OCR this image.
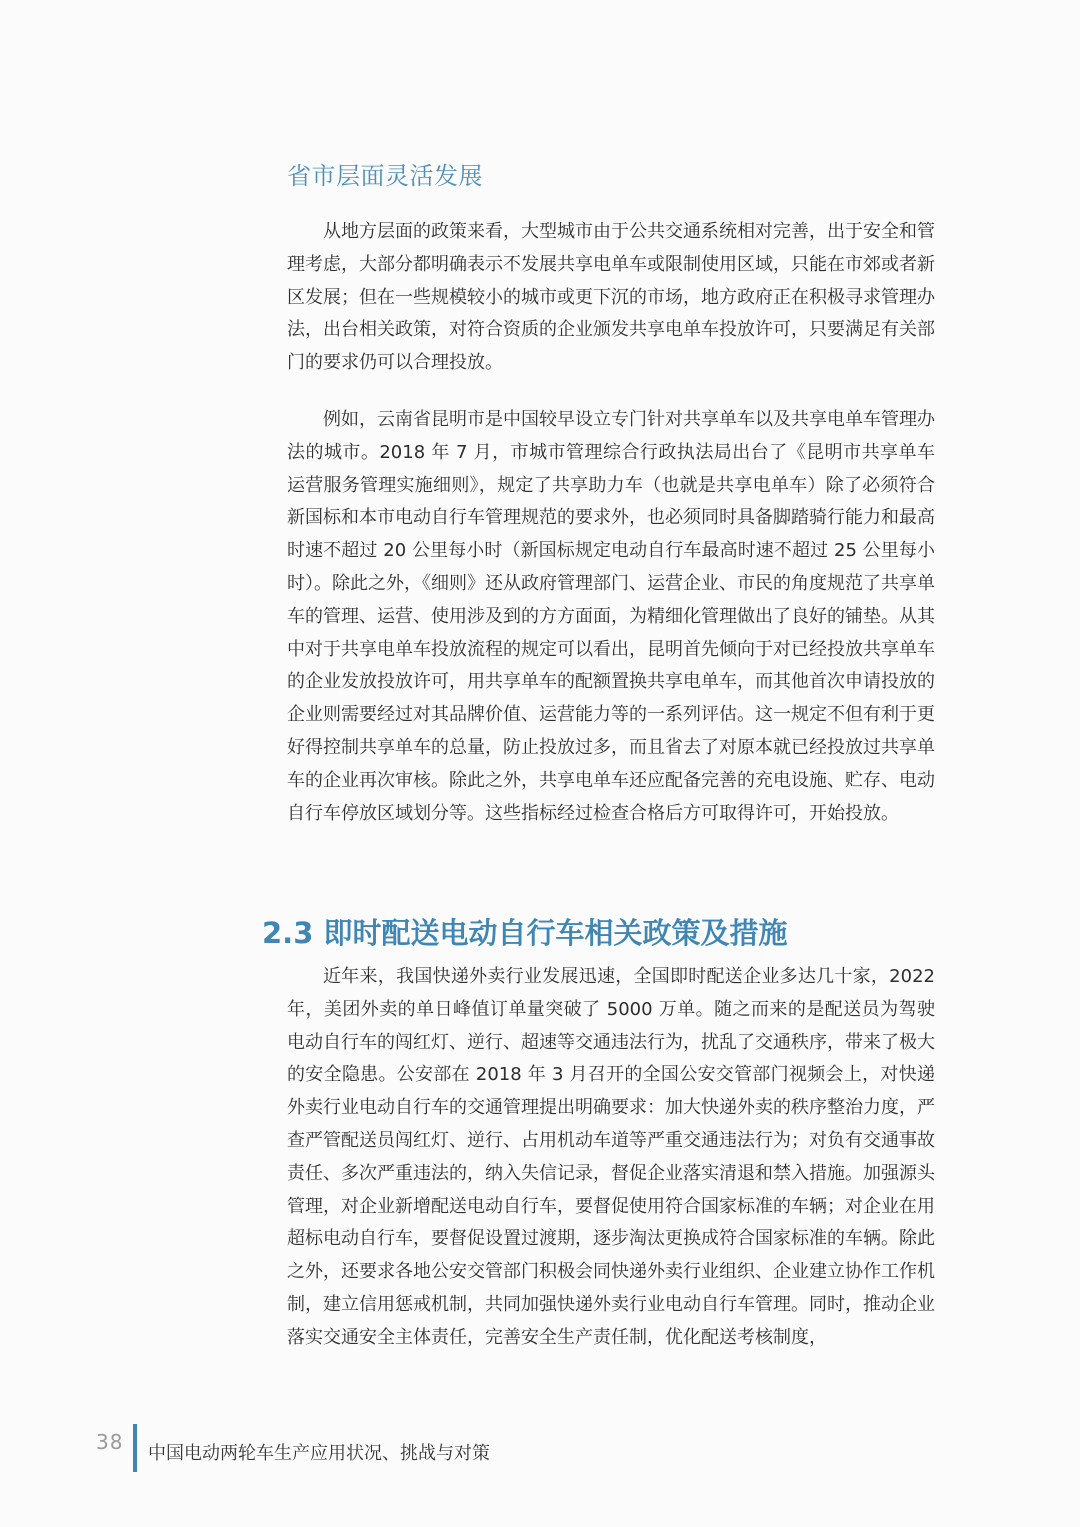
省市层面灵活发展

从地方层面的政策来看，大型城市由于公共交通系统相对完善，出于安全和管理考虑，大部分都明确表示不发展共享电单车或限制使用区域，只能在市郊或者新区发展；但在一些规模较小的城市或更下沉的市场，地方政府正在积极寻求管理办法，出台相关政策，对符合资质的企业颁发共享电单车投放许可，只要满足有关部门的要求仍可以合理投放。

例如，云南省昆明市是中国较早设立专门针对共享单车以及共享电单车管理办法的城市。2018 年 7 月，市城市管理综合行政执法局出台了《昆明市共享单车运营服务管理实施细则》，规定了共享助力车（也就是共享电单车）除了必须符合新国标和本市电动自行车管理规范的要求外，也必须同时具备脚踏骑行能力和最高时速不超过 20 公里每小时（新国标规定电动自行车最高时速不超过 25 公里每小时）。除此之外，《细则》还从政府管理部门、运营企业、市民的角度规范了共享单车的管理、运营、使用涉及到的方方面面，为精细化管理做出了良好的铺垫。从其中对于共享电单车投放流程的规定可以看出，昆明首先倾向于对已经投放共享单车的企业发放投放许可，用共享单车的配额置换共享电单车，而其他首次申请投放的企业则需要经过对其品牌价值、运营能力等的一系列评估。这一规定不但有利于更好得控制共享单车的总量，防止投放过多，而且省去了对原本就已经投放过共享单车的企业再次审核。除此之外，共享电单车还应配备完善的充电设施、贮存、电动自行车停放区域划分等。这些指标经过检查合格后方可取得许可，开始投放。

2.3 即时配送电动自行车相关政策及措施

近年来，我国快递外卖行业发展迅速，全国即时配送企业多达几十家，2022 年，美团外卖的单日峰值订单量突破了 5000 万单。随之而来的是配送员为驾驶电动自行车的闯红灯、逆行、超速等交通违法行为，扰乱了交通秩序，带来了极大的安全隐患。公安部在 2018 年 3 月召开的全国公安交管部门视频会上，对快递外卖行业电动自行车的交通管理提出明确要求：加大快递外卖的秩序整治力度，严查严管配送员闯红灯、逆行、占用机动车道等严重交通违法行为；对负有交通事故责任、多次严重违法的，纳入失信记录，督促企业落实清退和禁入措施。加强源头管理，对企业新增配送电动自行车，要督促使用符合国家标准的车辆；对企业在用超标电动自行车，要督促设置过渡期，逐步淘汰更换成符合国家标准的车辆。除此之外，还要求各地公安交管部门积极会同快递外卖行业组织、企业建立协作工作机制，建立信用惩戒机制，共同加强快递外卖行业电动自行车管理。同时，推动企业落实交通安全主体责任，完善安全生产责任制，优化配送考核制度，

38 中国电动两轮车生产应用状况、挑战与对策
